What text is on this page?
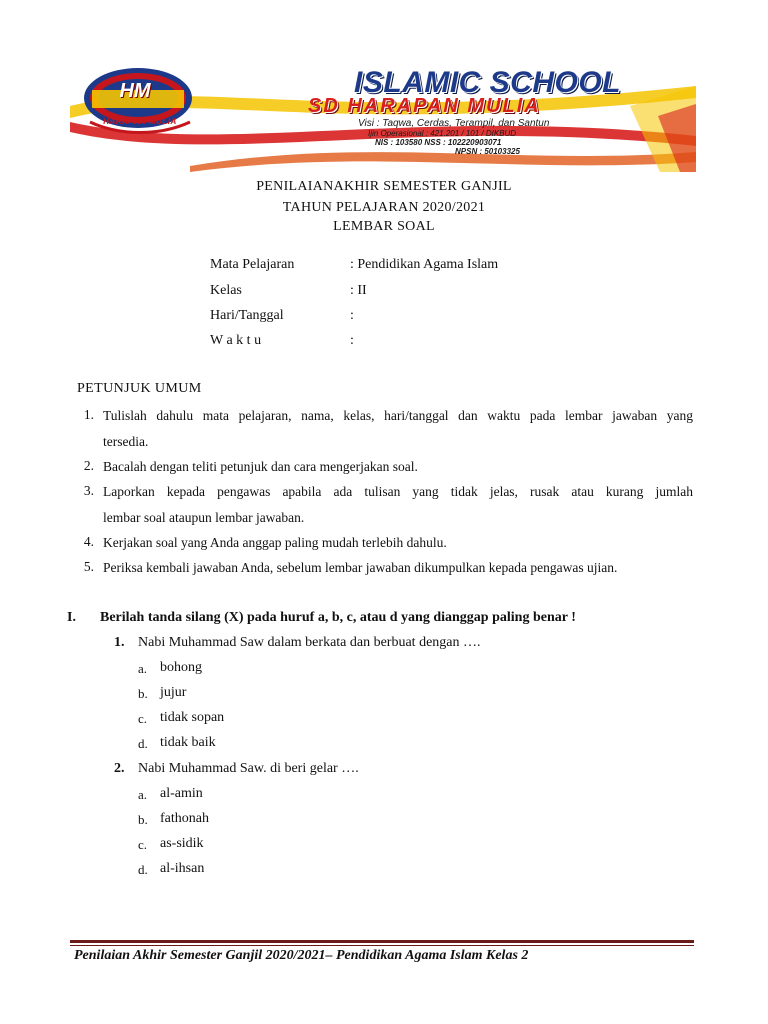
HM
HARAPAN MULIA
ISLAMIC SCHOOL
SD HARAPAN MULIA
Visi : Taqwa, Cerdas, Terampil, dan Santun
Ijin Operasional : 421.201 / 101 / DIKBUD
NIS : 103580 NSS : 102220903071
NPSN : 50103325
PENILAIANAKHIR SEMESTER GANJIL
TAHUN PELAJARAN 2020/2021
LEMBAR SOAL
Mata Pelajaran	: Pendidikan Agama Islam
Kelas	: II
Hari/Tanggal	:
W a k t u	:
PETUNJUK UMUM
1. Tulislah dahulu mata pelajaran, nama, kelas, hari/tanggal dan waktu pada lembar jawaban yang
tersedia.
2. Bacalah dengan teliti petunjuk dan cara mengerjakan soal.
3. Laporkan kepada pengawas apabila ada tulisan yang tidak jelas, rusak atau kurang jumlah
lembar soal ataupun lembar jawaban.
4. Kerjakan soal yang Anda anggap paling mudah terlebih dahulu.
5. Periksa kembali jawaban Anda, sebelum lembar jawaban dikumpulkan kepada pengawas ujian.
I. Berilah tanda silang (X) pada huruf a, b, c, atau d yang dianggap paling benar !
1. Nabi Muhammad Saw dalam berkata dan berbuat dengan ….
a. bohong
b. jujur
c. tidak sopan
d. tidak baik
2. Nabi Muhammad Saw. di beri gelar ….
a. al-amin
b. fathonah
c. as-sidik
d. al-ihsan
Penilaian Akhir Semester Ganjil 2020/2021– Pendidikan Agama Islam Kelas 2
